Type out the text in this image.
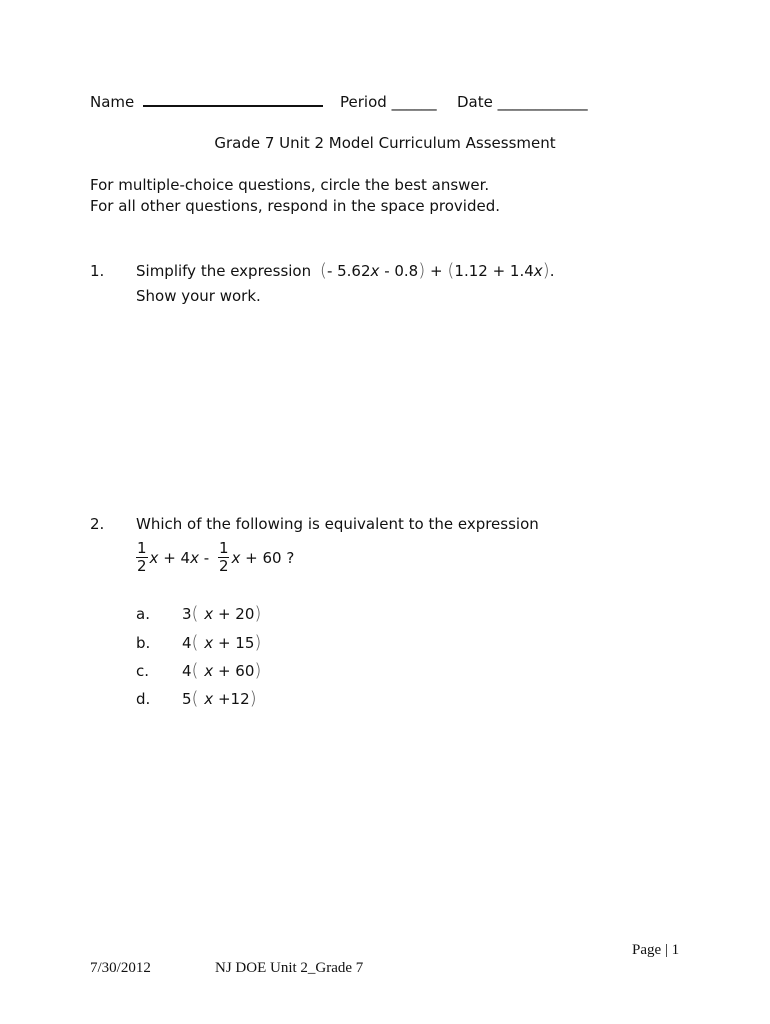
Name	Period ______ Date ____________
Grade 7 Unit 2 Model Curriculum Assessment
For multiple-choice questions, circle the best answer.
For all other questions, respond in the space provided.
1. Simplify the expression (- 5.62x - 0.8) + (1.12 + 1.4x).
Show your work.
2. Which of the following is equivalent to the expression
$\frac{1}{2}$ x + 4 x - $\frac{1}{2}$ x + 60 ?
a. 3( x + 20)
b. 4( x + 15)
c. 4( x + 60)
d. 5( x +12)
Page | 1
7/30/2012	NJ DOE Unit 2_Grade 7
